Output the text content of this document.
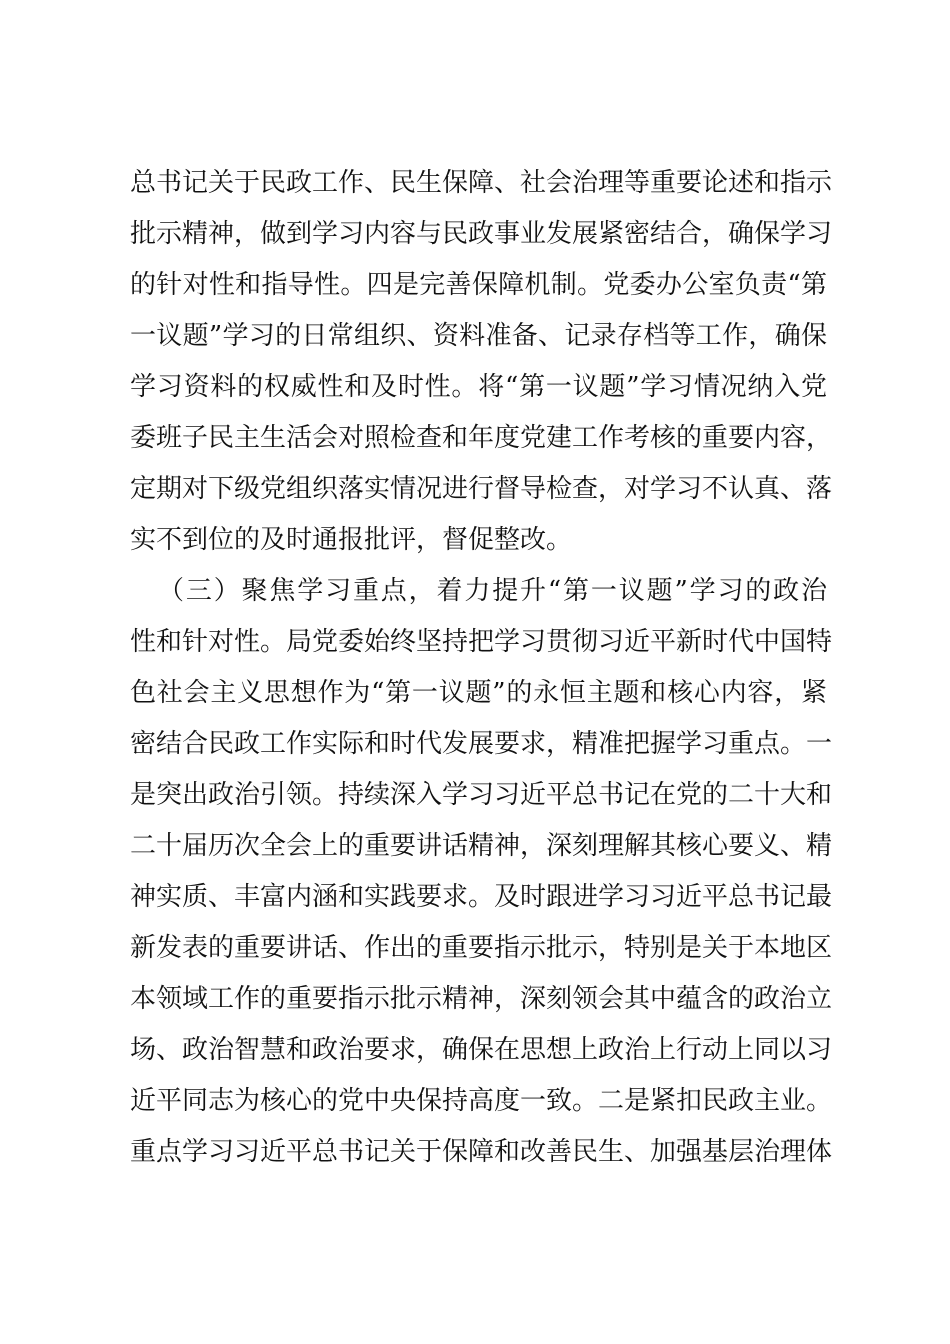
总书记关于民政工作、民生保障、社会治理等重要论述和指示
批示精神，做到学习内容与民政事业发展紧密结合，确保学习
的针对性和指导性。四是完善保障机制。党委办公室负责“第
一议题”学习的日常组织、资料准备、记录存档等工作，确保
学习资料的权威性和及时性。将“第一议题”学习情况纳入党
委班子民主生活会对照检查和年度党建工作考核的重要内容，
定期对下级党组织落实情况进行督导检查，对学习不认真、落
实不到位的及时通报批评，督促整改。
（三）聚焦学习重点，着力提升“第一议题”学习的政治
性和针对性。局党委始终坚持把学习贯彻习近平新时代中国特
色社会主义思想作为“第一议题”的永恒主题和核心内容，紧
密结合民政工作实际和时代发展要求，精准把握学习重点。一
是突出政治引领。持续深入学习习近平总书记在党的二十大和
二十届历次全会上的重要讲话精神，深刻理解其核心要义、精
神实质、丰富内涵和实践要求。及时跟进学习习近平总书记最
新发表的重要讲话、作出的重要指示批示，特别是关于本地区
本领域工作的重要指示批示精神，深刻领会其中蕴含的政治立
场、政治智慧和政治要求，确保在思想上政治上行动上同以习
近平同志为核心的党中央保持高度一致。二是紧扣民政主业。
重点学习习近平总书记关于保障和改善民生、加强基层治理体
